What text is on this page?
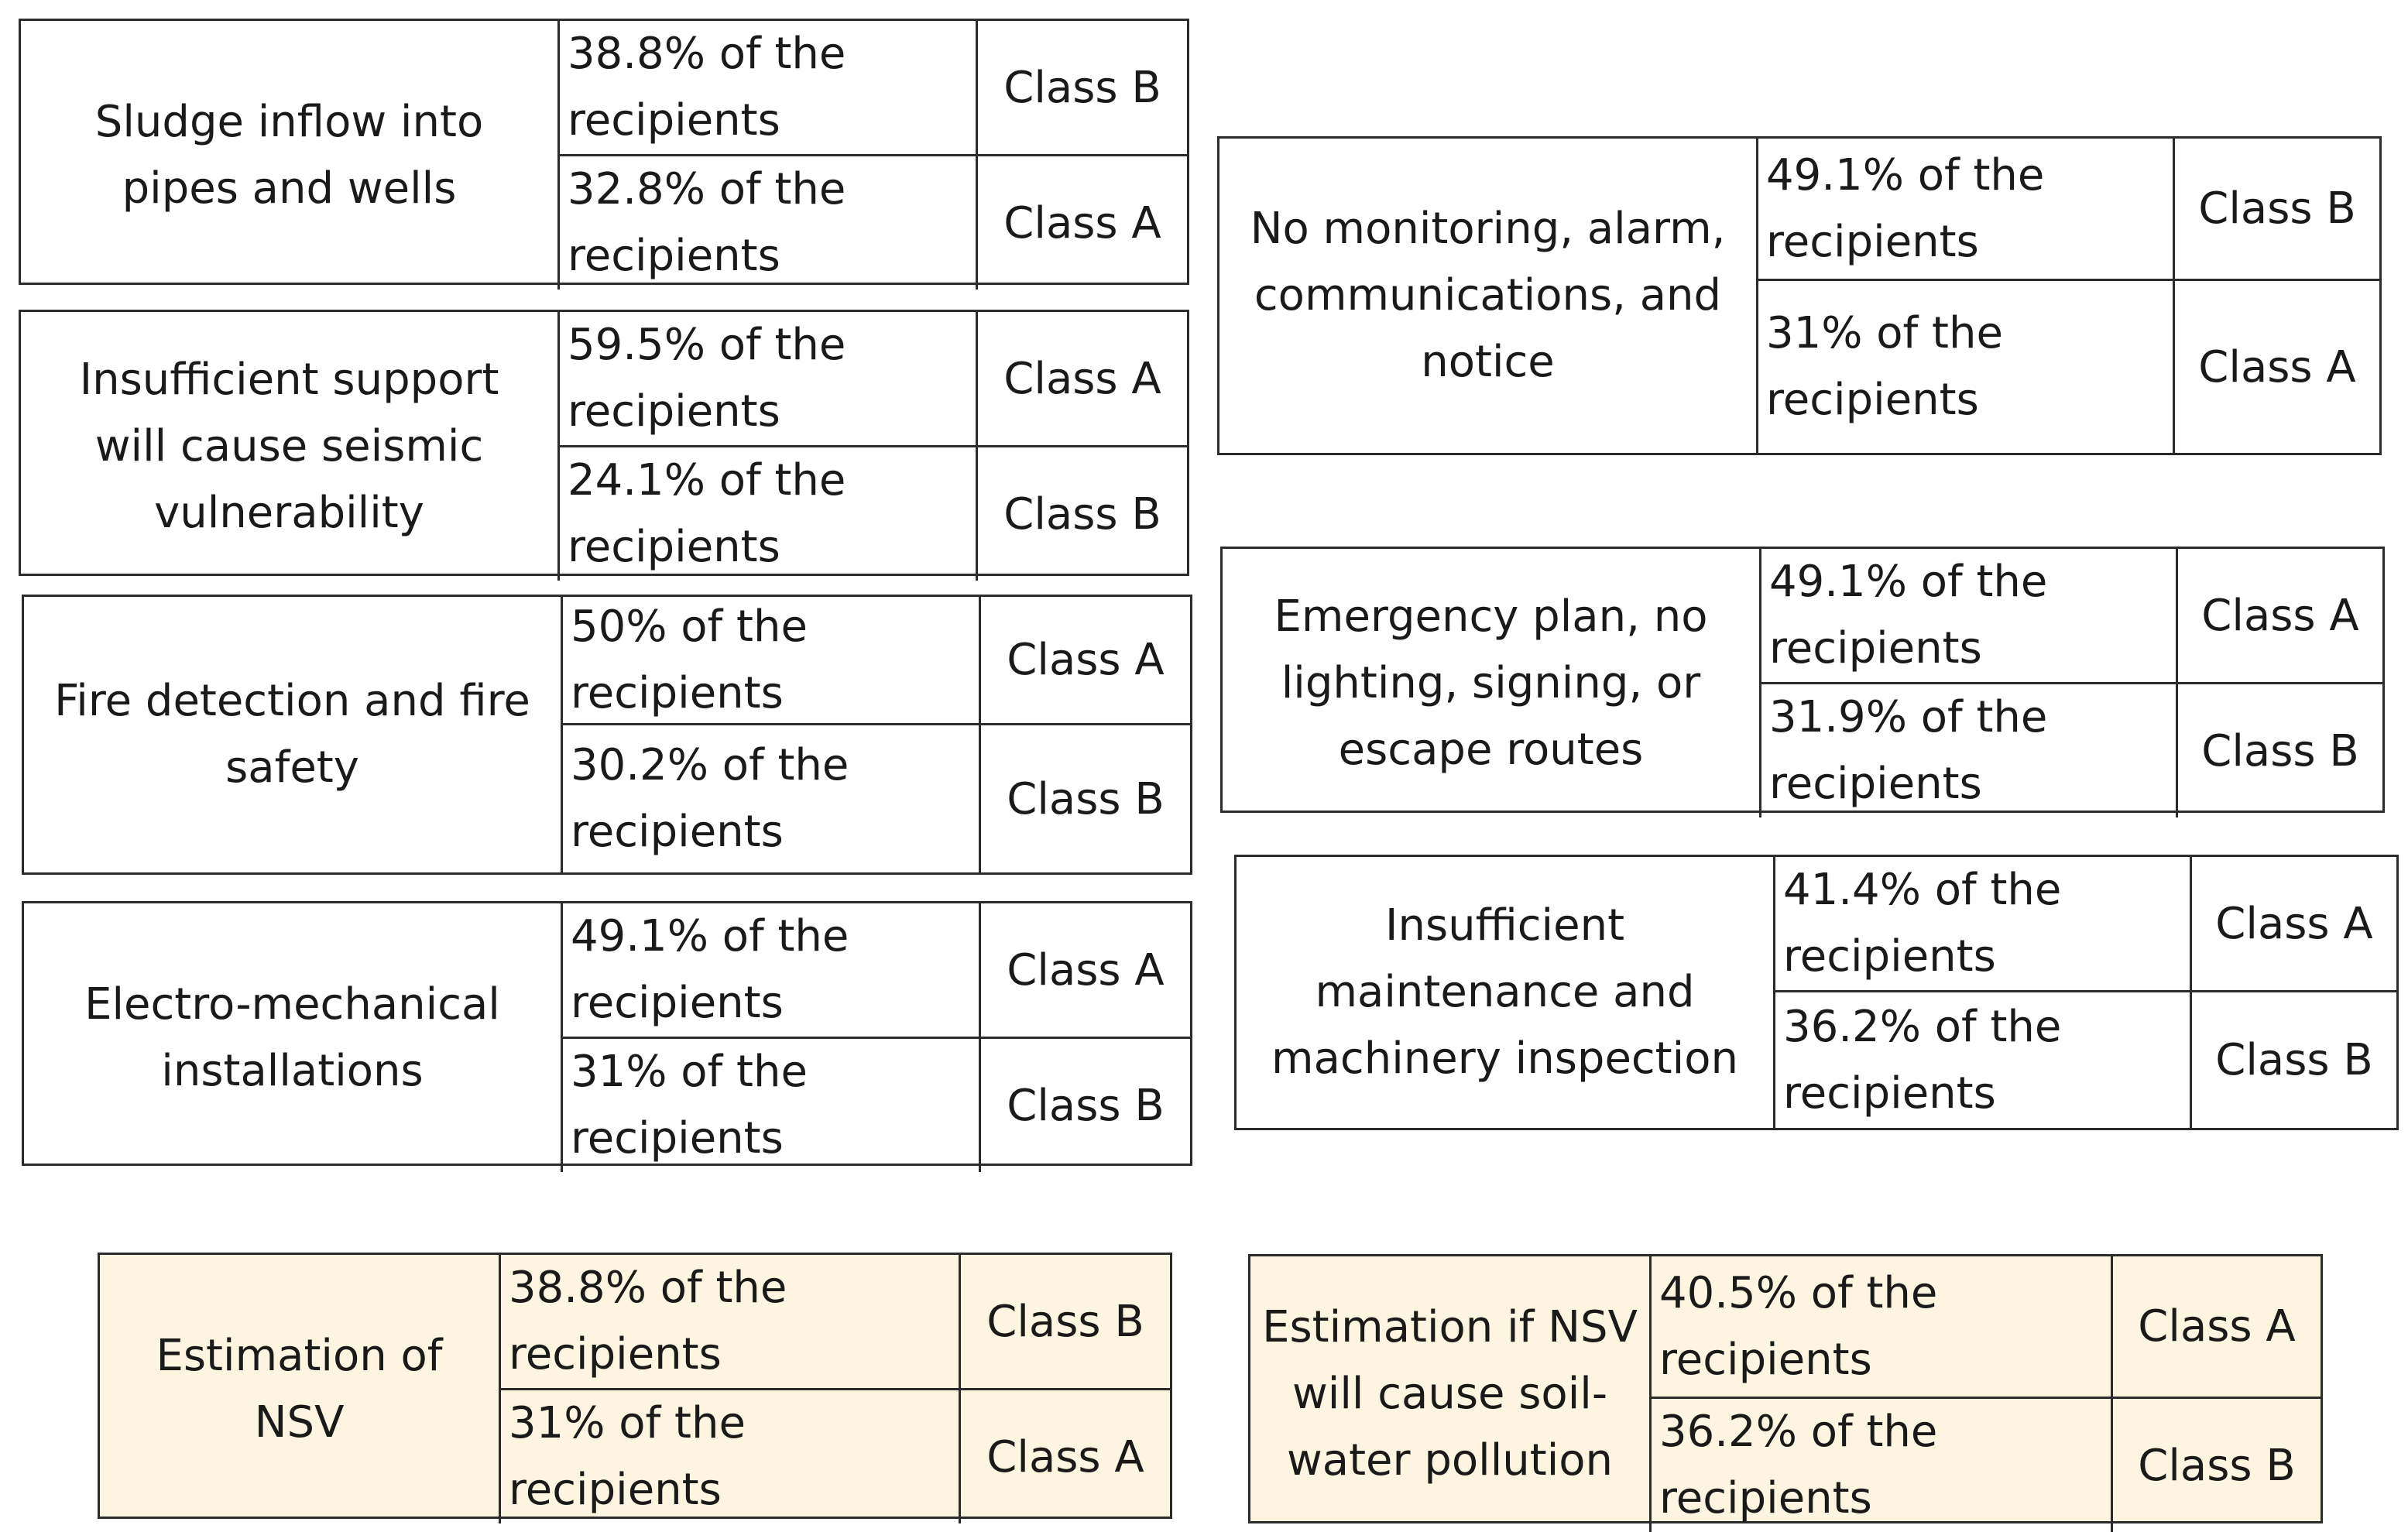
Sludge inflow into
pipes and wells
38.8% of the
recipients
Class B
32.8% of the
recipients
Class A
Insufficient support
will cause seismic
vulnerability
59.5% of the
recipients
Class A
24.1% of the
recipients
Class B
Fire detection and fire
safety
50% of the
recipients
Class A
30.2% of the
recipients
Class B
Electro-mechanical
installations
49.1% of the
recipients
Class A
31% of the
recipients
Class B
No monitoring, alarm,
communications, and
notice
49.1% of the
recipients
Class B
31% of the
recipients
Class A
Emergency plan, no
lighting, signing, or
escape routes
49.1% of the
recipients
Class A
31.9% of the
recipients
Class B
Insufficient
maintenance and
machinery inspection
41.4% of the
recipients
Class A
36.2% of the
recipients
Class B
Estimation of
NSV
38.8% of the
recipients
Class B
31% of the
recipients
Class A
Estimation if NSV
will cause soil-
water pollution
40.5% of the
recipients
Class A
36.2% of the
recipients
Class B
